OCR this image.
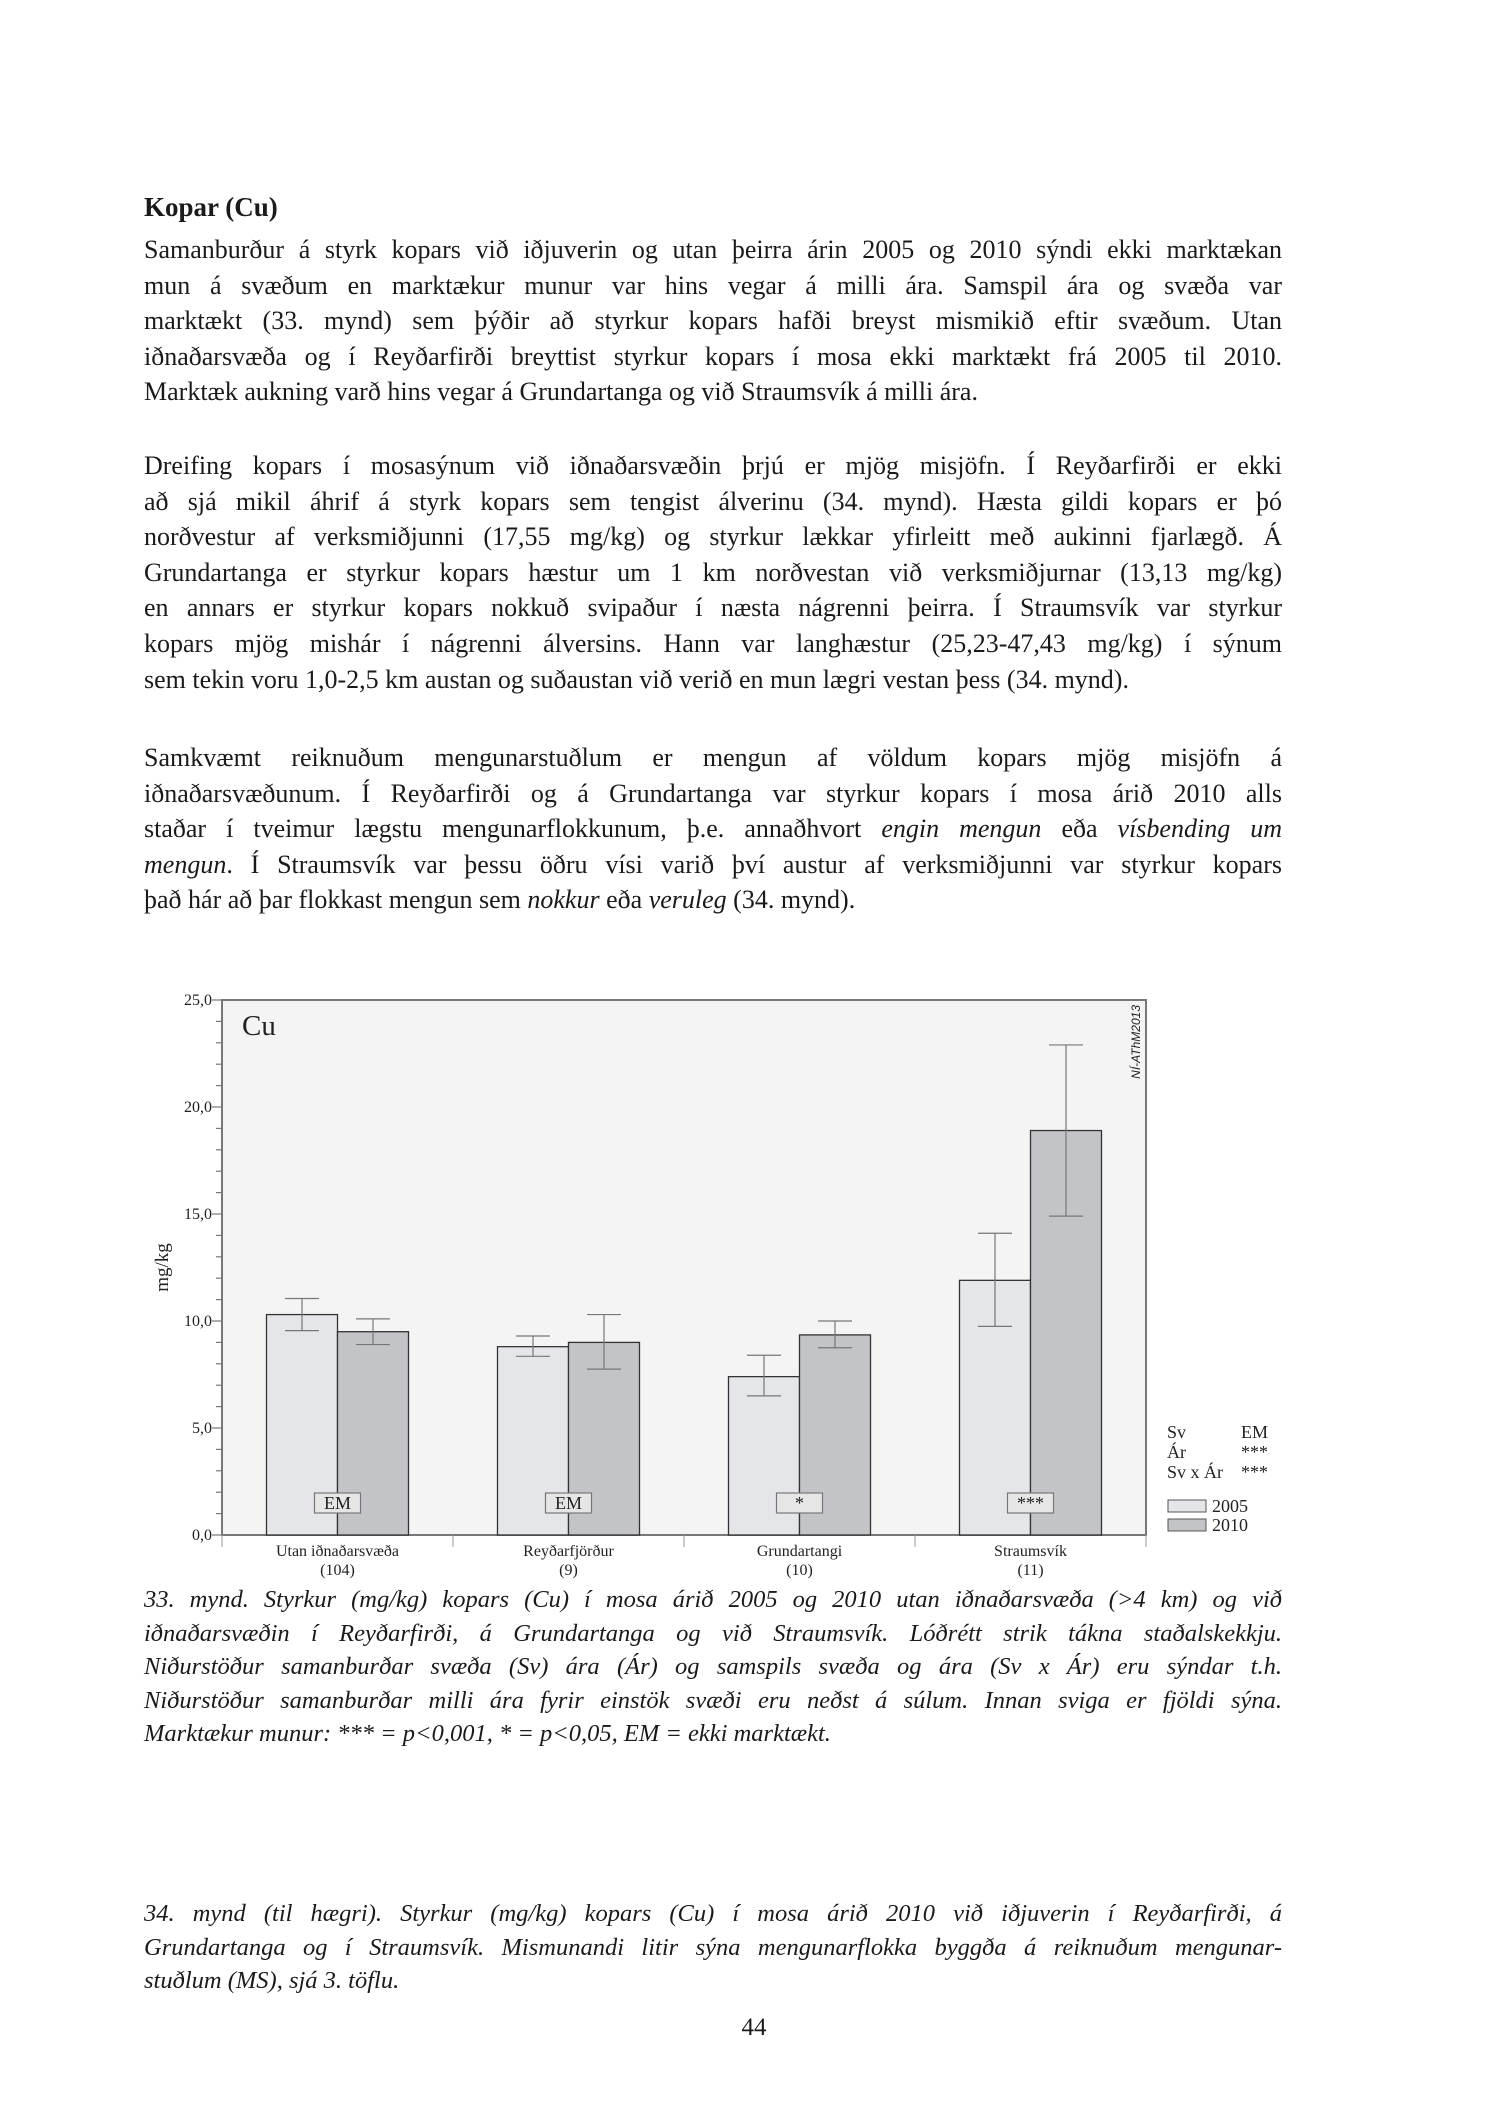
Kopar (Cu)
Samanburður á styrk kopars við iðjuverin og utan þeirra árin 2005 og 2010 sýndi ekki marktækan
mun á svæðum en marktækur munur var hins vegar á milli ára. Samspil ára og svæða var
marktækt (33. mynd) sem þýðir að styrkur kopars hafði breyst mismikið eftir svæðum. Utan
iðnaðarsvæða og í Reyðarfirði breyttist styrkur kopars í mosa ekki marktækt frá 2005 til 2010.
Marktæk aukning varð hins vegar á Grundartanga og við Straumsvík á milli ára.
Dreifing kopars í mosasýnum við iðnaðarsvæðin þrjú er mjög misjöfn. Í Reyðarfirði er ekki
að sjá mikil áhrif á styrk kopars sem tengist álverinu (34. mynd). Hæsta gildi kopars er þó
norðvestur af verksmiðjunni (17,55 mg/kg) og styrkur lækkar yfirleitt með aukinni fjarlægð. Á
Grundartanga er styrkur kopars hæstur um 1 km norðvestan við verksmiðjurnar (13,13 mg/kg)
en annars er styrkur kopars nokkuð svipaður í næsta nágrenni þeirra. Í Straumsvík var styrkur
kopars mjög mishár í nágrenni álversins. Hann var langhæstur (25,23-47,43 mg/kg) í sýnum
sem tekin voru 1,0-2,5 km austan og suðaustan við verið en mun lægri vestan þess (34. mynd).
Samkvæmt reiknuðum mengunarstuðlum er mengun af völdum kopars mjög misjöfn á
iðnaðarsvæðunum. Í Reyðarfirði og á Grundartanga var styrkur kopars í mosa árið 2010 alls
staðar í tveimur lægstu mengunarflokkunum, þ.e. annaðhvort engin mengun eða vísbending um
mengun. Í Straumsvík var þessu öðru vísi varið því austur af verksmiðjunni var styrkur kopars
það hár að þar flokkast mengun sem nokkur eða veruleg (34. mynd).
0,0
5,0
10,0
15,0
20,0
25,0
mg/kg
Cu	NÍ-AThM2013
EM
Utan iðnaðarsvæða
(104)
EM
Reyðarfjörður
(9)
*
Grundartangi
(10)
***
Straumsvík
(11)
Sv	EM
Ár	***
Sv x Ár ***
2005
2010
33. mynd. Styrkur (mg/kg) kopars (Cu) í mosa árið 2005 og 2010 utan iðnaðarsvæða (>4 km) og við
iðnaðarsvæðin í Reyðarfirði, á Grundartanga og við Straumsvík. Lóðrétt strik tákna staðalskekkju.
Niðurstöður samanburðar svæða (Sv) ára (Ár) og samspils svæða og ára (Sv x Ár) eru sýndar t.h.
Niðurstöður samanburðar milli ára fyrir einstök svæði eru neðst á súlum. Innan sviga er fjöldi sýna.
Marktækur munur: *** = p<0,001, * = p<0,05, EM = ekki marktækt.
34. mynd (til hægri). Styrkur (mg/kg) kopars (Cu) í mosa árið 2010 við iðjuverin í Reyðarfirði, á
Grundartanga og í Straumsvík. Mismunandi litir sýna mengunarflokka byggða á reiknuðum mengunar-
stuðlum (MS), sjá 3. töflu.
44
